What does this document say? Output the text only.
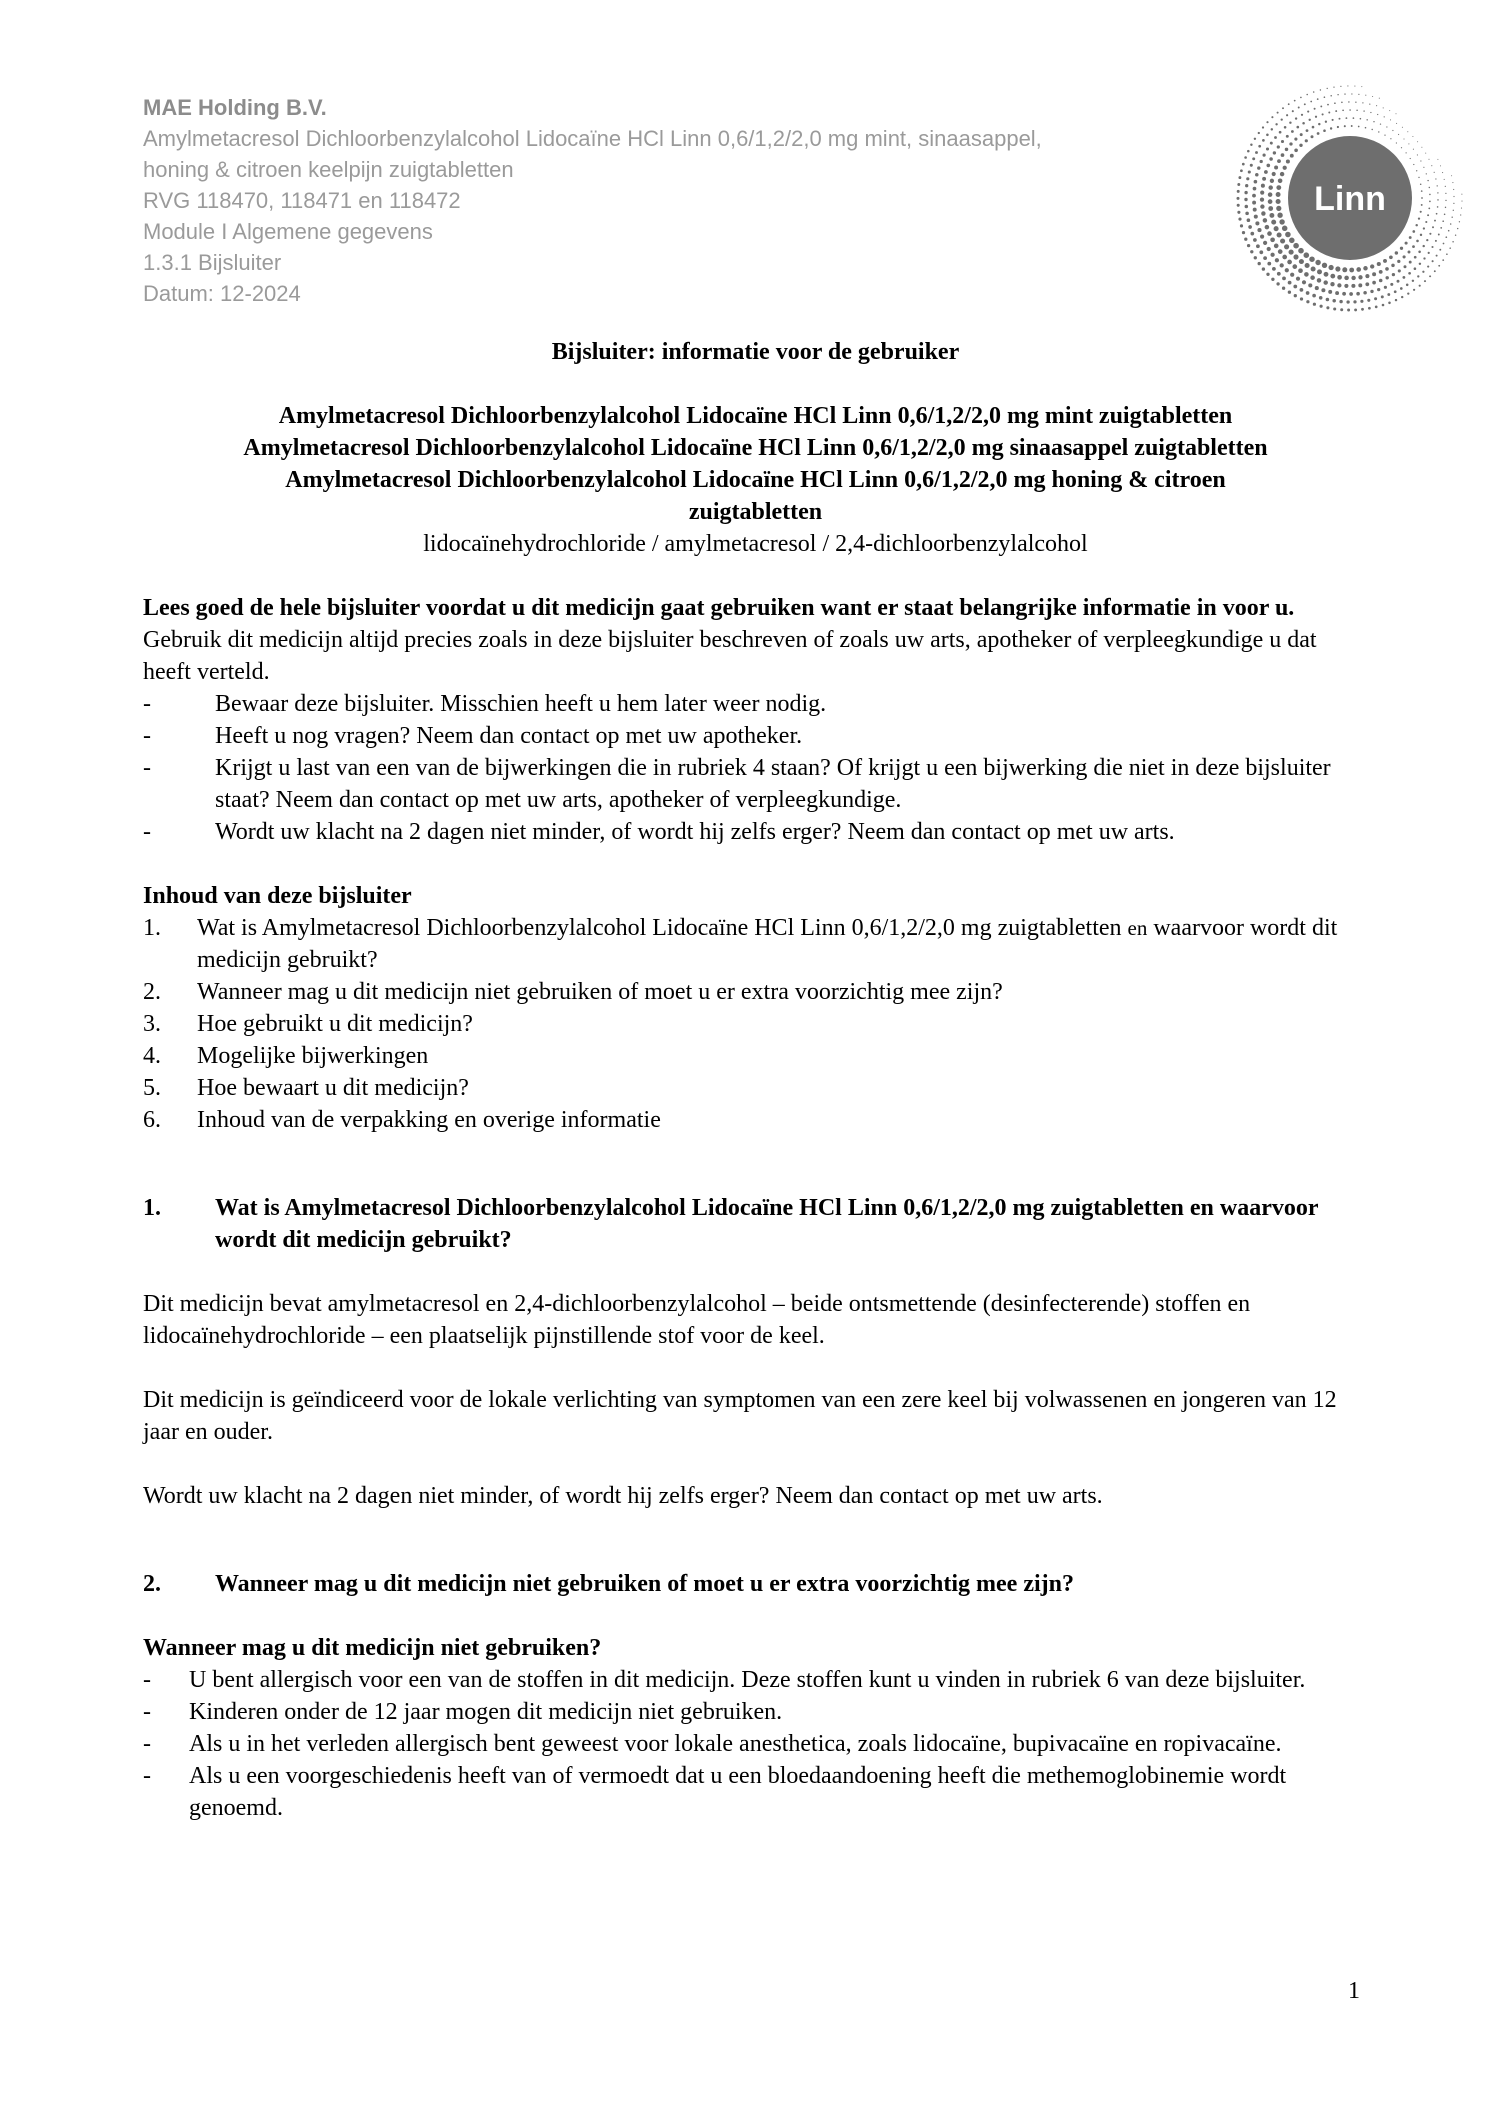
MAE Holding B.V.
Amylmetacresol Dichloorbenzylalcohol Lidocaïne HCl Linn 0,6/1,2/2,0 mg mint, sinaasappel,
honing & citroen keelpijn zuigtabletten
RVG 118470, 118471 en 118472
Module I Algemene gegevens
1.3.1 Bijsluiter
Datum: 12-2024
Linn
Bijsluiter: informatie voor de gebruiker
Amylmetacresol Dichloorbenzylalcohol Lidocaïne HCl Linn 0,6/1,2/2,0 mg mint zuigtabletten
Amylmetacresol Dichloorbenzylalcohol Lidocaïne HCl Linn 0,6/1,2/2,0 mg sinaasappel zuigtabletten
Amylmetacresol Dichloorbenzylalcohol Lidocaïne HCl Linn 0,6/1,2/2,0 mg honing & citroen
zuigtabletten
lidocaïnehydrochloride / amylmetacresol / 2,4-dichloorbenzylalcohol

Lees goed de hele bijsluiter voordat u dit medicijn gaat gebruiken want er staat belangrijke informatie in voor u.

Gebruik dit medicijn altijd precies zoals in deze bijsluiter beschreven of zoals uw arts, apotheker of verpleegkundige u dat heeft verteld.

-	Bewaar deze bijsluiter. Misschien heeft u hem later weer nodig.
-	Heeft u nog vragen? Neem dan contact op met uw apotheker.
-	Krijgt u last van een van de bijwerkingen die in rubriek 4 staan? Of krijgt u een bijwerking die niet in deze bijsluiter staat? Neem dan contact op met uw arts, apotheker of verpleegkundige.
-	Wordt uw klacht na 2 dagen niet minder, of wordt hij zelfs erger? Neem dan contact op met uw arts.
Inhoud van deze bijsluiter
1. Wat is Amylmetacresol Dichloorbenzylalcohol Lidocaïne HCl Linn 0,6/1,2/2,0 mg zuigtabletten en waarvoor wordt dit medicijn gebruikt?
2. Wanneer mag u dit medicijn niet gebruiken of moet u er extra voorzichtig mee zijn?
3. Hoe gebruikt u dit medicijn?
4. Mogelijke bijwerkingen
5. Hoe bewaart u dit medicijn?
6. Inhoud van de verpakking en overige informatie
1. Wat is Amylmetacresol Dichloorbenzylalcohol Lidocaïne HCl Linn 0,6/1,2/2,0 mg zuigtabletten en waarvoor wordt dit medicijn gebruikt?

Dit medicijn bevat amylmetacresol en 2,4-dichloorbenzylalcohol – beide ontsmettende (desinfecterende) stoffen en lidocaïnehydrochloride – een plaatselijk pijnstillende stof voor de keel.

Dit medicijn is geïndiceerd voor de lokale verlichting van symptomen van een zere keel bij volwassenen en jongeren van 12 jaar en ouder.

Wordt uw klacht na 2 dagen niet minder, of wordt hij zelfs erger? Neem dan contact op met uw arts.

2. Wanneer mag u dit medicijn niet gebruiken of moet u er extra voorzichtig mee zijn?
Wanneer mag u dit medicijn niet gebruiken?
- U bent allergisch voor een van de stoffen in dit medicijn. Deze stoffen kunt u vinden in rubriek 6 van deze bijsluiter.
- Kinderen onder de 12 jaar mogen dit medicijn niet gebruiken.
- Als u in het verleden allergisch bent geweest voor lokale anesthetica, zoals lidocaïne, bupivacaïne en ropivacaïne.
- Als u een voorgeschiedenis heeft van of vermoedt dat u een bloedaandoening heeft die methemoglobinemie wordt genoemd.
1
